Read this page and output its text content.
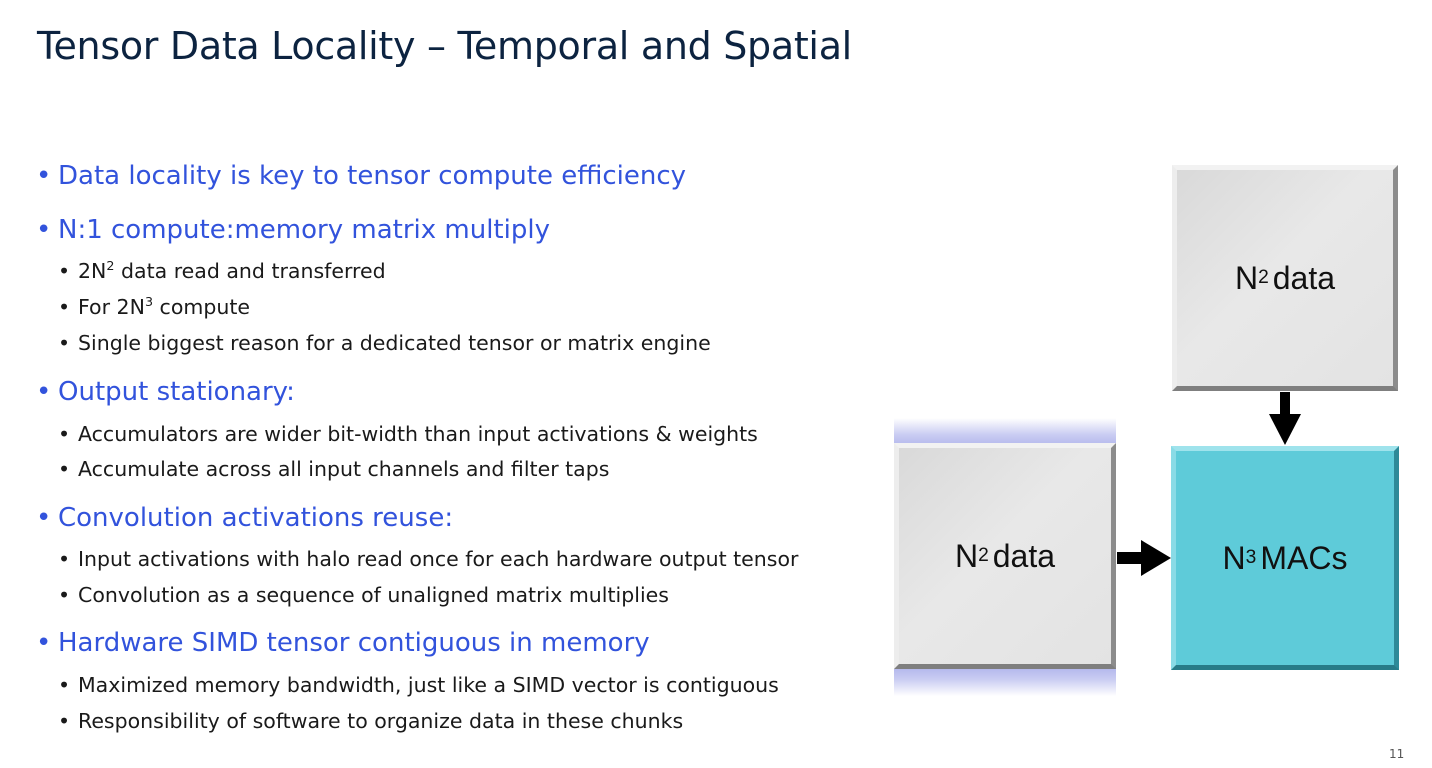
Tensor Data Locality – Temporal and Spatial
• Data locality is key to tensor compute efficiency
• N:1 compute:memory matrix multiply
• $2N^2$ data read and transferred
• For $2N^3$ compute
• Single biggest reason for a dedicated tensor or matrix engine
• Output stationary:
• Accumulators are wider bit-width than input activations & weights
• Accumulate across all input channels and filter taps
• Convolution activations reuse:
• Input activations with halo read once for each hardware output tensor
• Convolution as a sequence of unaligned matrix multiplies
• Hardware SIMD tensor contiguous in memory
• Maximized memory bandwidth, just like a SIMD vector is contiguous
• Responsibility of software to organize data in these chunks
N 2 data
N 2 data	N 3 MACs
11
